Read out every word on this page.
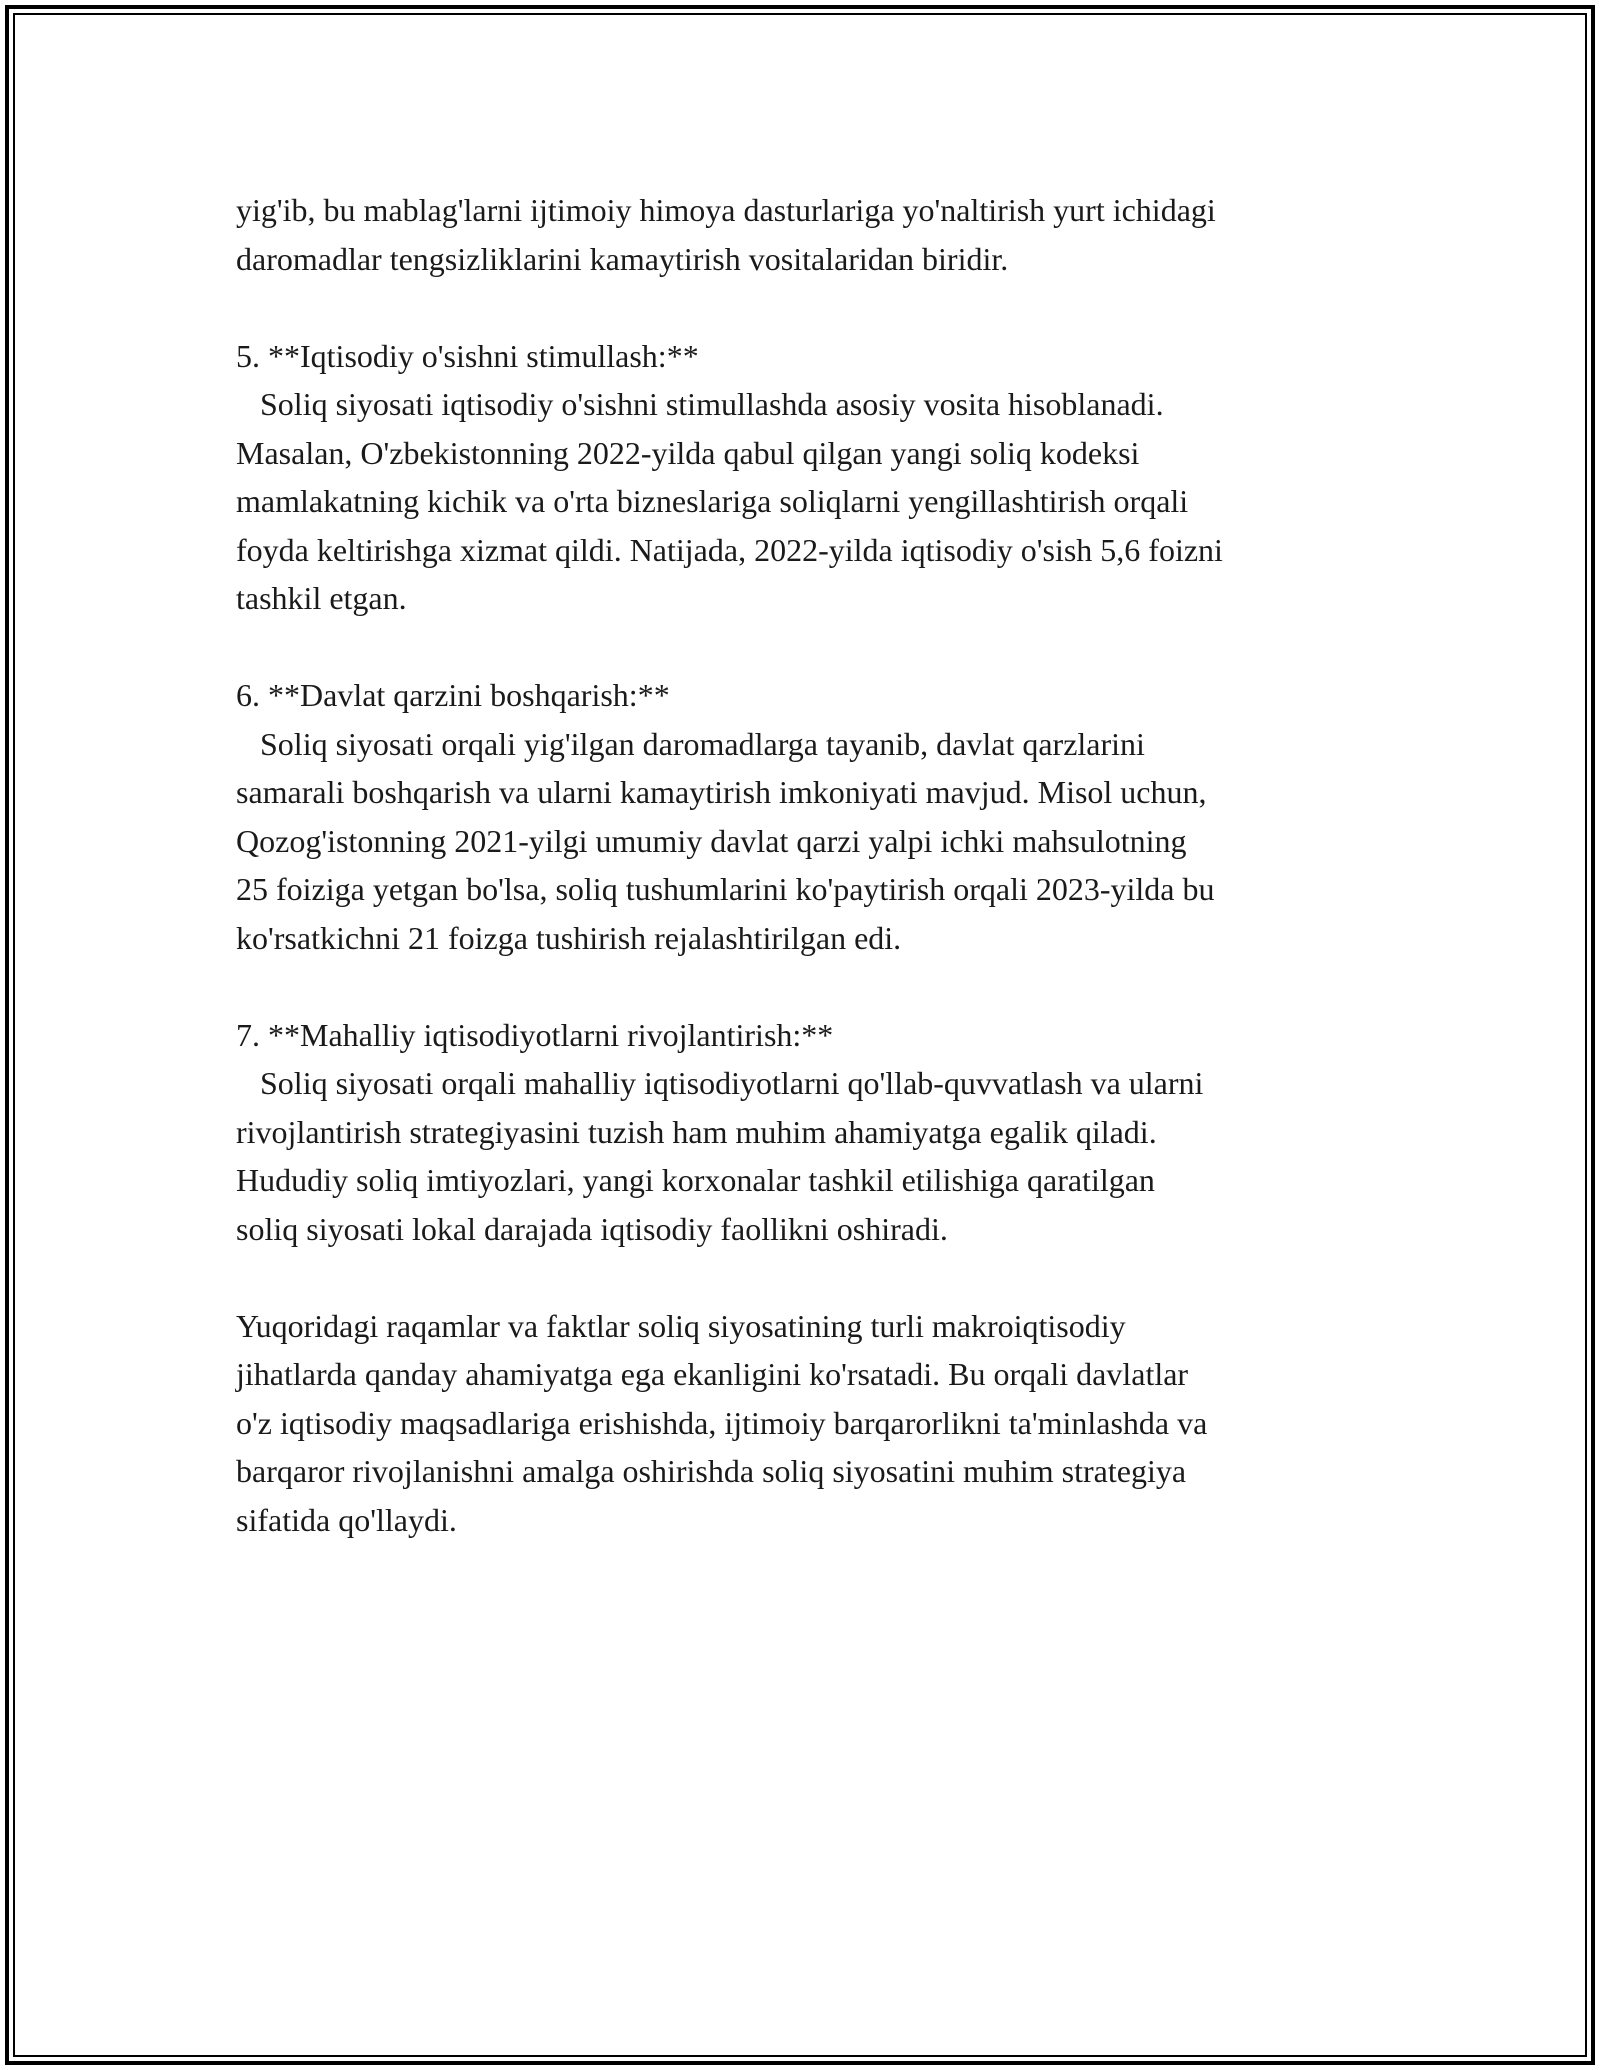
yig'ib, bu mablag'larni ijtimoiy himoya dasturlariga yo'naltirish yurt ichidagi
daromadlar tengsizliklarini kamaytirish vositalaridan biridir.
5. **Iqtisodiy o'sishni stimullash:**
Soliq siyosati iqtisodiy o'sishni stimullashda asosiy vosita hisoblanadi.
Masalan, O'zbekistonning 2022-yilda qabul qilgan yangi soliq kodeksi
mamlakatning kichik va o'rta bizneslariga soliqlarni yengillashtirish orqali
foyda keltirishga xizmat qildi. Natijada, 2022-yilda iqtisodiy o'sish 5,6 foizni
tashkil etgan.
6. **Davlat qarzini boshqarish:**
Soliq siyosati orqali yig'ilgan daromadlarga tayanib, davlat qarzlarini
samarali boshqarish va ularni kamaytirish imkoniyati mavjud. Misol uchun,
Qozog'istonning 2021-yilgi umumiy davlat qarzi yalpi ichki mahsulotning
25 foiziga yetgan bo'lsa, soliq tushumlarini ko'paytirish orqali 2023-yilda bu
ko'rsatkichni 21 foizga tushirish rejalashtirilgan edi.
7. **Mahalliy iqtisodiyotlarni rivojlantirish:**
Soliq siyosati orqali mahalliy iqtisodiyotlarni qo'llab-quvvatlash va ularni
rivojlantirish strategiyasini tuzish ham muhim ahamiyatga egalik qiladi.
Hududiy soliq imtiyozlari, yangi korxonalar tashkil etilishiga qaratilgan
soliq siyosati lokal darajada iqtisodiy faollikni oshiradi.
Yuqoridagi raqamlar va faktlar soliq siyosatining turli makroiqtisodiy
jihatlarda qanday ahamiyatga ega ekanligini ko'rsatadi. Bu orqali davlatlar
o'z iqtisodiy maqsadlariga erishishda, ijtimoiy barqarorlikni ta'minlashda va
barqaror rivojlanishni amalga oshirishda soliq siyosatini muhim strategiya
sifatida qo'llaydi.
